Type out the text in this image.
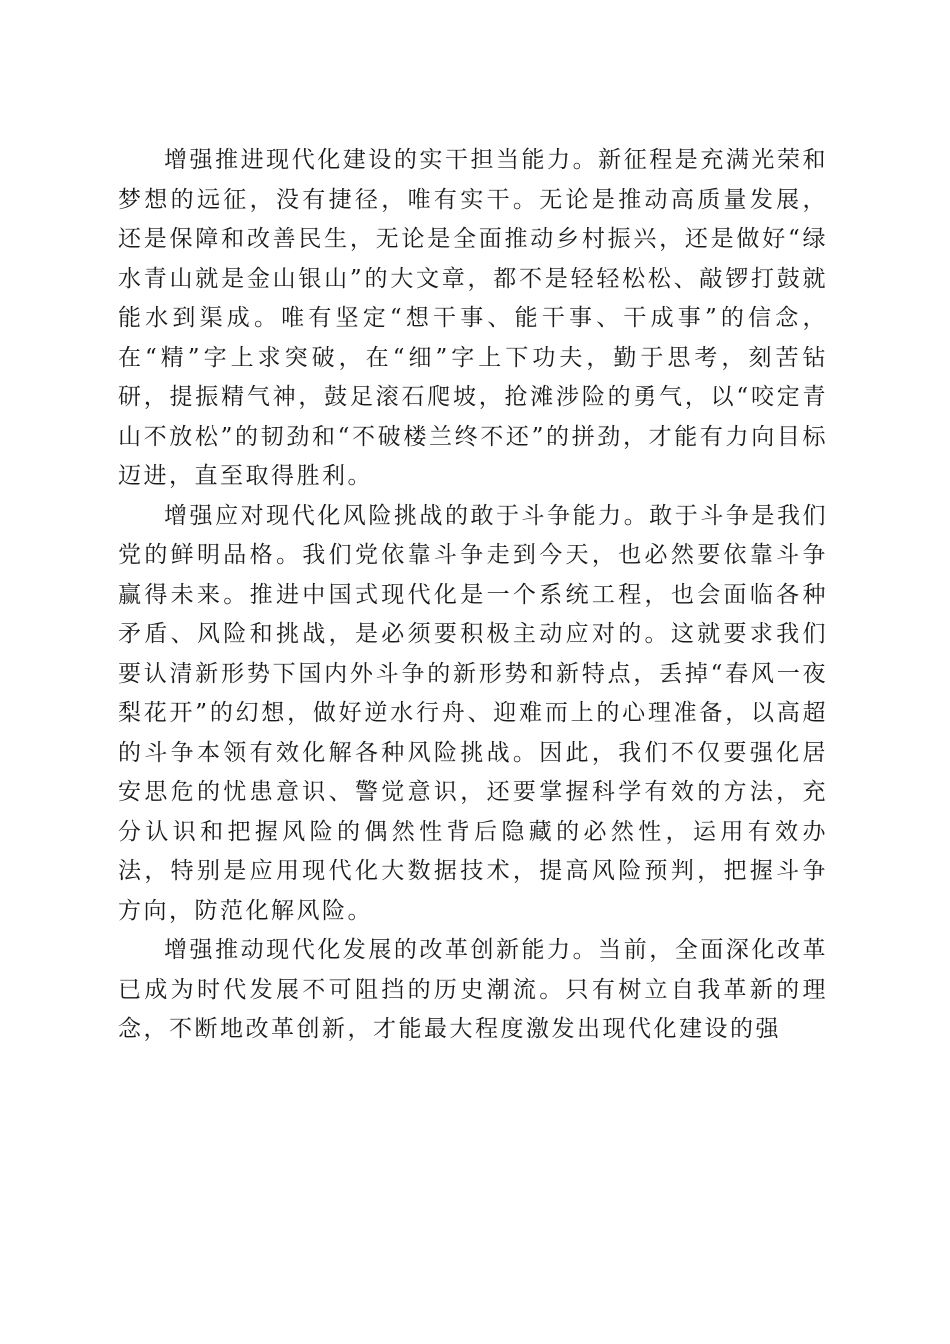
增强推进现代化建设的实干担当能力。新征程是充满光荣和梦想的远征，没有捷径，唯有实干。无论是推动高质量发展，还是保障和改善民生，无论是全面推动乡村振兴，还是做好“绿水青山就是金山银山”的大文章，都不是轻轻松松、敲锣打鼓就能水到渠成。唯有坚定“想干事、能干事、干成事”的信念，在“精”字上求突破，在“细”字上下功夫，勤于思考，刻苦钻研，提振精气神，鼓足滚石爬坡，抢滩涉险的勇气，以“咬定青山不放松”的韧劲和“不破楼兰终不还”的拼劲，才能有力向目标迈进，直至取得胜利。

增强应对现代化风险挑战的敢于斗争能力。敢于斗争是我们党的鲜明品格。我们党依靠斗争走到今天，也必然要依靠斗争赢得未来。推进中国式现代化是一个系统工程，也会面临各种矛盾、风险和挑战，是必须要积极主动应对的。这就要求我们要认清新形势下国内外斗争的新形势和新特点，丢掉“春风一夜梨花开”的幻想，做好逆水行舟、迎难而上的心理准备，以高超的斗争本领有效化解各种风险挑战。因此，我们不仅要强化居安思危的忧患意识、警觉意识，还要掌握科学有效的方法，充分认识和把握风险的偶然性背后隐藏的必然性，运用有效办法，特别是应用现代化大数据技术，提高风险预判，把握斗争方向，防范化解风险。

增强推动现代化发展的改革创新能力。当前，全面深化改革已成为时代发展不可阻挡的历史潮流。只有树立自我革新的理念，不断地改革创新，才能最大程度激发出现代化建设的强
